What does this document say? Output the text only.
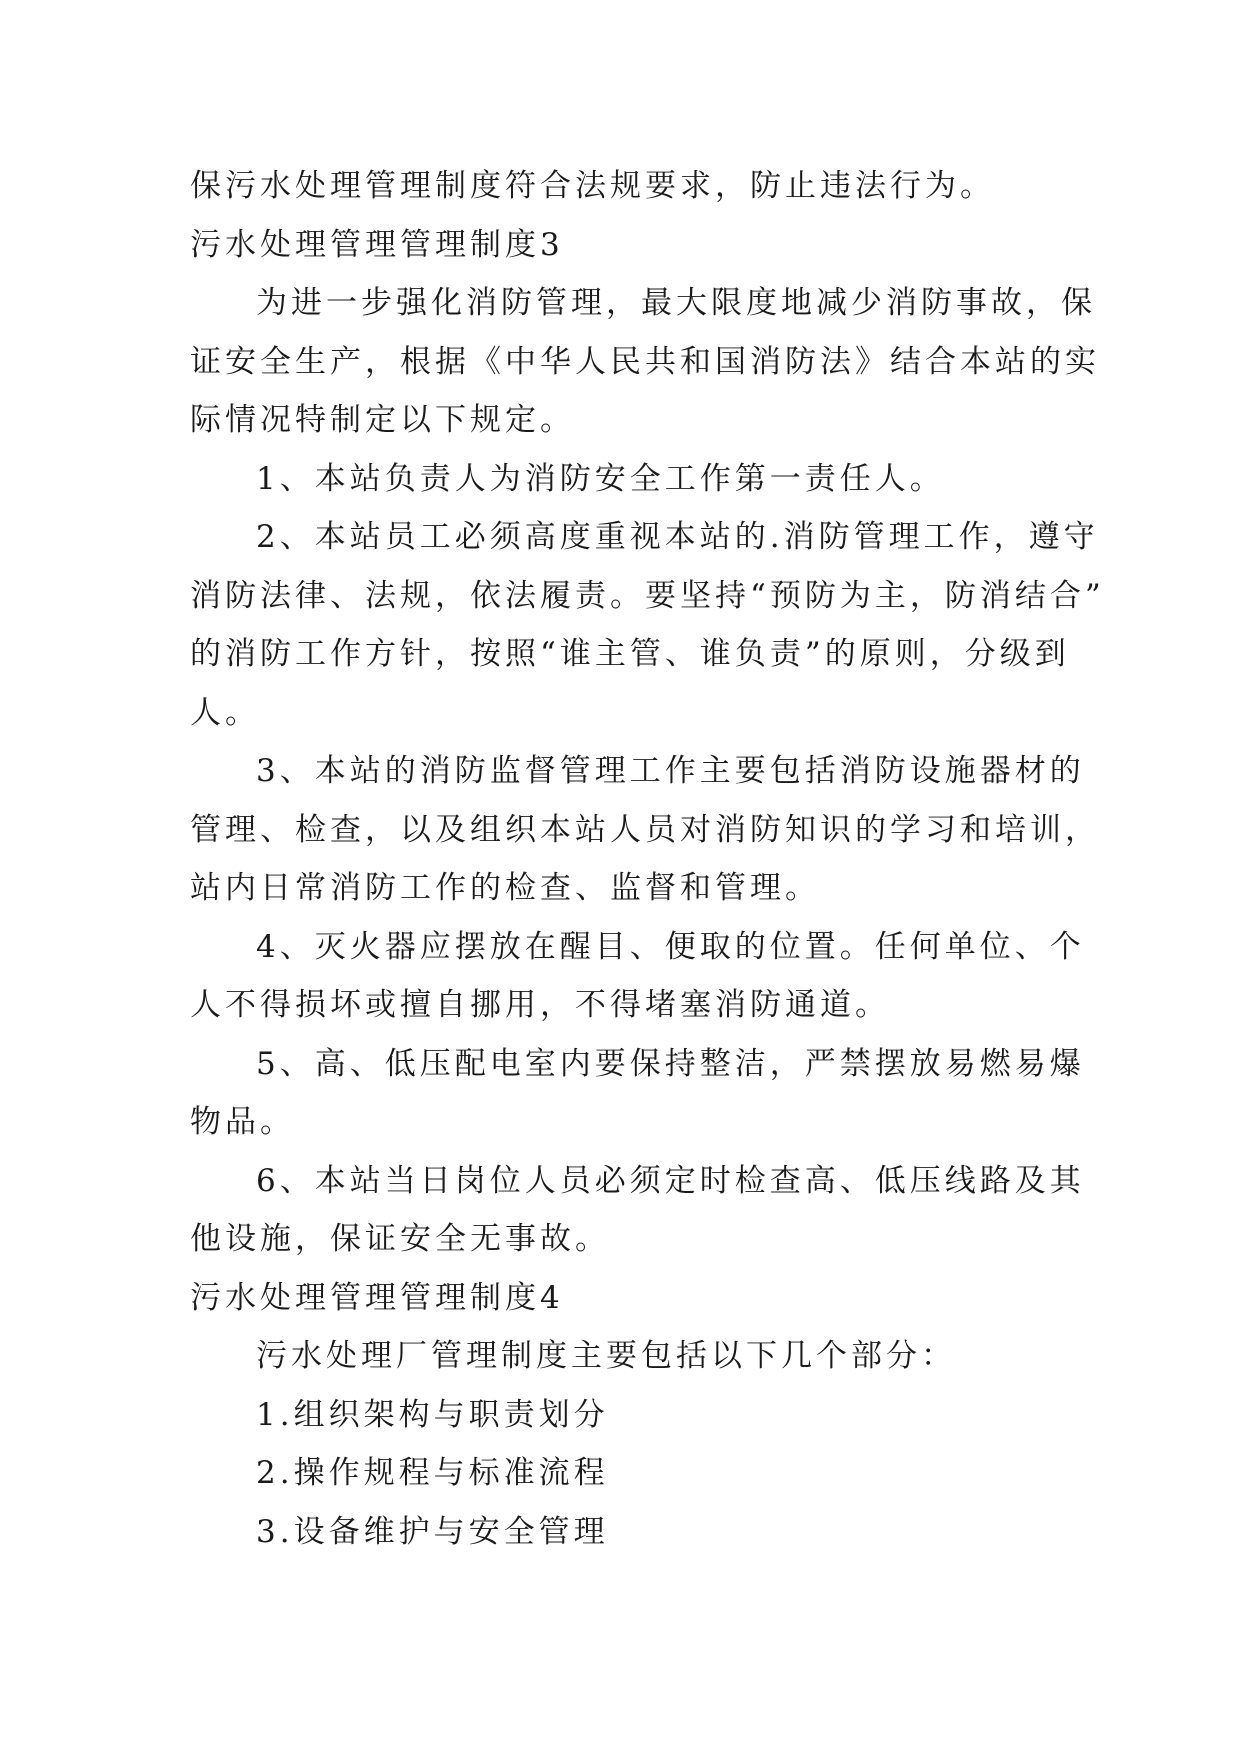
保污水处理管理制度符合法规要求，防止违法行为。
污水处理管理管理制度3
为进一步强化消防管理，最大限度地减少消防事故，保
证安全生产，根据《中华人民共和国消防法》结合本站的实
际情况特制定以下规定。
1、本站负责人为消防安全工作第一责任人。
2、本站员工必须高度重视本站的.消防管理工作，遵守
消防法律、法规，依法履责。要坚持“预防为主，防消结合”
的消防工作方针，按照“谁主管、谁负责”的原则，分级到
人。
3、本站的消防监督管理工作主要包括消防设施器材的
管理、检查，以及组织本站人员对消防知识的学习和培训，
站内日常消防工作的检查、监督和管理。
4、灭火器应摆放在醒目、便取的位置。任何单位、个
人不得损坏或擅自挪用，不得堵塞消防通道。
5、高、低压配电室内要保持整洁，严禁摆放易燃易爆
物品。
6、本站当日岗位人员必须定时检查高、低压线路及其
他设施，保证安全无事故。
污水处理管理管理制度4
污水处理厂管理制度主要包括以下几个部分：
1.组织架构与职责划分
2.操作规程与标准流程
3.设备维护与安全管理
